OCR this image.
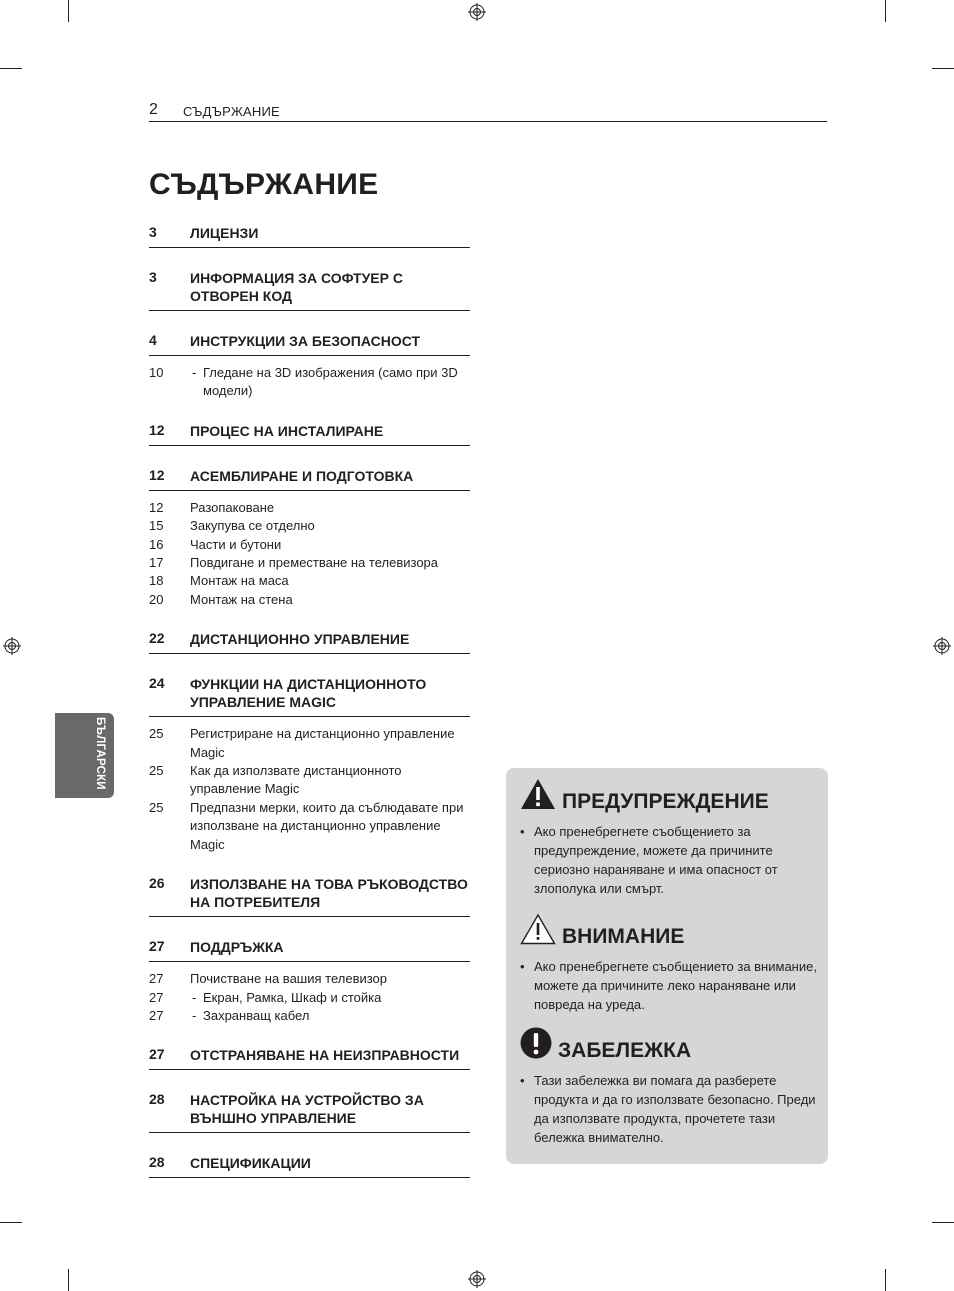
2 СЪДЪРЖАНИЕ
СЪДЪРЖАНИЕ
БЪЛГАРСКИ
3 ЛИЦЕНЗИ
3 ИНФОРМАЦИЯ ЗА СОФТУЕР С ОТВОРЕН КОД
4 ИНСТРУКЦИИ ЗА БЕЗОПАСНОСТ
10	- Гледане на 3D изображения (само при 3D модели)
12 ПРОЦЕС НА ИНСТАЛИРАНЕ
12 АСЕМБЛИРАНЕ И ПОДГОТОВКА
12 Разопаковане
15 Закупува се отделно
16 Части и бутони
17 Повдигане и преместване на телевизора
18 Монтаж на маса
20 Монтаж на стена
22 ДИСТАНЦИОННО УПРАВЛЕНИЕ
24 ФУНКЦИИ НА ДИСТАНЦИОННОТО УПРАВЛЕНИЕ MAGIC
25 Регистриране на дистанционно управление Magic
25 Как да използвате дистанционното управление Magic
25 Предпазни мерки, които да съблюдавате при използване на дистанционно управление Magic
26 ИЗПОЛЗВАНЕ НА ТОВА РЪКОВОДСТВО НА ПОТРЕБИТЕЛЯ
27 ПОДДРЪЖКА
27 Почистване на вашия телевизор
27	- Екран, Рамка, Шкаф и стойка
27	- Захранващ кабел
27 ОТСТРАНЯВАНЕ НА НЕИЗПРАВНОСТИ
28 НАСТРОЙКА НА УСТРОЙСТВО ЗА ВЪНШНО УПРАВЛЕНИЕ
28 СПЕЦИФИКАЦИИ
ПРЕДУПРЕЖДЕНИЕ
• Ако пренебрегнете съобщението за предупреждение, можете да причините сериозно нараняване и има опасност от злополука или смърт.
ВНИМАНИЕ
• Ако пренебрегнете съобщението за внимание, можете да причините леко нараняване или повреда на уреда.
ЗАБЕЛЕЖКА
• Тази забележка ви помага да разберете продукта и да го използвате безопасно. Преди да използвате продукта, прочетете тази бележка внимателно.
